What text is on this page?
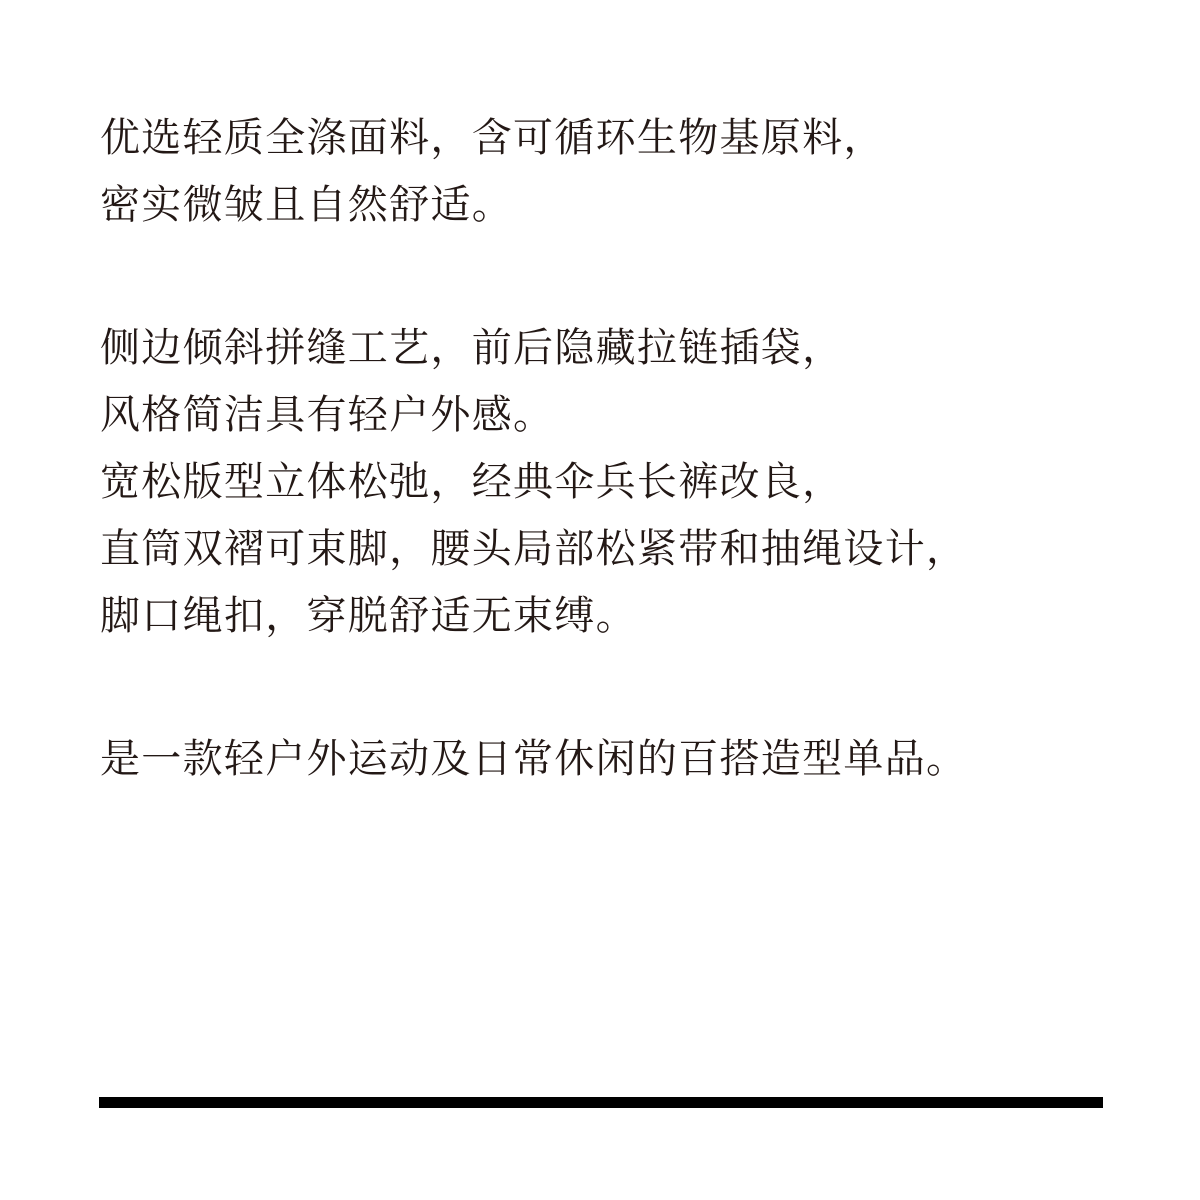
优选轻质全涤面料，含可循环生物基原料，

密实微皱且自然舒适。

侧边倾斜拼缝工艺，前后隐藏拉链插袋，

风格简洁具有轻户外感。

宽松版型立体松弛，经典伞兵长裤改良，

直筒双褶可束脚，腰头局部松紧带和抽绳设计，

脚口绳扣，穿脱舒适无束缚。

是一款轻户外运动及日常休闲的百搭造型单品。
